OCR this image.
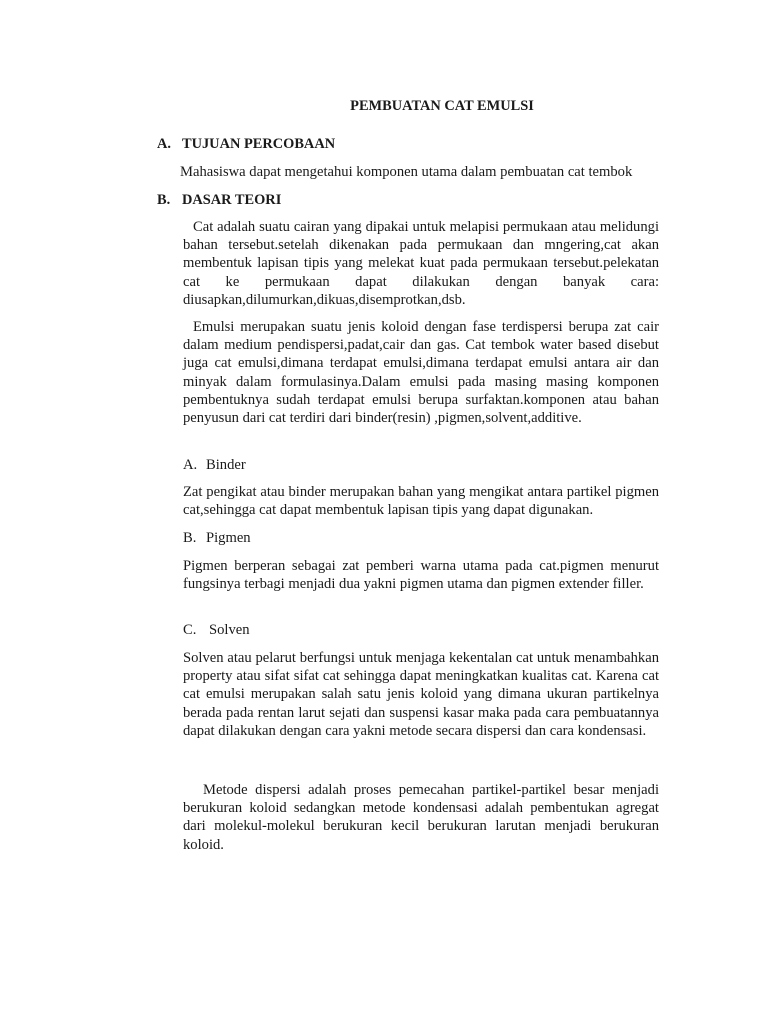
PEMBUATAN CAT EMULSI
A. TUJUAN PERCOBAAN
Mahasiswa dapat mengetahui komponen utama dalam pembuatan cat tembok
B. DASAR TEORI
Cat adalah suatu cairan yang dipakai untuk melapisi permukaan atau melidungi bahan tersebut.setelah dikenakan pada permukaan dan mngering,cat akan membentuk lapisan tipis yang melekat kuat pada permukaan tersebut.pelekatan cat ke permukaan dapat dilakukan dengan banyak cara: diusapkan,dilumurkan,dikuas,disemprotkan,dsb.
Emulsi merupakan suatu jenis koloid dengan fase terdispersi berupa zat cair dalam medium pendispersi,padat,cair dan gas. Cat tembok water based disebut juga cat emulsi,dimana terdapat emulsi,dimana terdapat emulsi antara air dan minyak dalam formulasinya.Dalam emulsi pada masing masing komponen pembentuknya sudah terdapat emulsi berupa surfaktan.komponen atau bahan penyusun dari cat terdiri dari binder(resin) ,pigmen,solvent,additive.
A. Binder
Zat pengikat atau binder merupakan bahan yang mengikat antara partikel pigmen cat,sehingga cat dapat membentuk lapisan tipis yang dapat digunakan.
B. Pigmen
Pigmen berperan sebagai zat pemberi warna utama pada cat.pigmen menurut fungsinya terbagi menjadi dua yakni pigmen utama dan pigmen extender filler.
C. Solven
Solven atau pelarut berfungsi untuk menjaga kekentalan cat untuk menambahkan property atau sifat sifat cat sehingga dapat meningkatkan kualitas cat. Karena cat cat emulsi merupakan salah satu jenis koloid yang dimana ukuran partikelnya berada pada rentan larut sejati dan suspensi kasar maka pada cara pembuatannya dapat dilakukan dengan cara yakni metode secara dispersi dan cara kondensasi.
Metode dispersi adalah proses pemecahan partikel-partikel besar menjadi berukuran koloid sedangkan metode kondensasi adalah pembentukan agregat dari molekul-molekul berukuran kecil berukuran larutan menjadi berukuran koloid.
